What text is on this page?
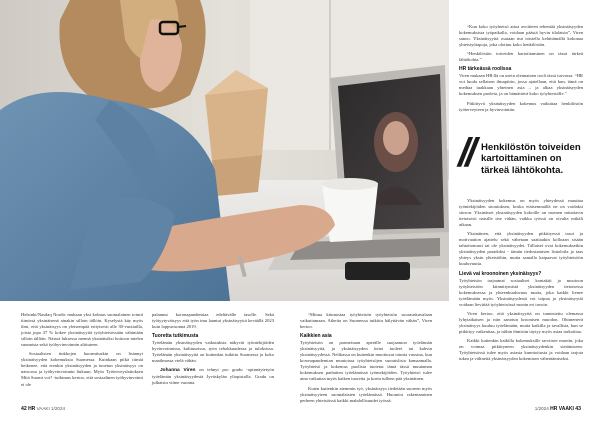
Helsinki/Nasdaq Nordic mukaan yksi kolmas suomalainen toimii tiimissä yksinäisenä ainakin silloin tällöin. Kyselystä käy myös ilmi, että yksinäisyys on yleisempää erityisesti alle 30-vuotiailla, joista jopa 37 % kokee yksinäisyyttä työyhteisössään vähintään silloin tällöin. Näissä luksessa mennä yksinäisiksi hoitoon mielen suunnista sekä työhyvinvoinnin alttiuteen.

Sosiaalisten tiukkojen kuormituskin on lisännyt yksinäisyyden kokemuksia Suomessa. Kuinkaan pitkä tiimiä heikenee, että etenkin yksinäisyyden ja tuoetun yksinäisyys on natsoosa ja työhyvinvoinnin liukuun. Myös Työterveyslaitoksen Mitä Suomi voi? -tutkimus kertoo, että sosiaalinen työhyvinvointi ei ole

palannut koronapandemiaa edeltävälle tasolle. Sekä työtyytyväisyys että työn imu laantui yksinäisyyttä keväällä 2023 kuin loppuvuonna 2019.

Tuoretta tutkimusta

Työelämän yksinäisyyden vaikutuksia näkyvät työntekijöiden hyvinvoinnissa, kulttuurissa, työn tehokkuudessa ja tuloksissa. Työelämän yksinäisyyttä on kuitenkin tutkittu Suomessa ja koko maailmassa vielä vähän.

Johanna Viren on tehnyt pro gradu -opinnäytetyön työelämän yksinäisyydestä Jyväskylän yliopistolla. Gradu on julkaistu viime vuonna.

“Minua kiinnostaa työyhteisön työyhteisön suorauskuvalaan vaikuttamaan. Aiheita on Suomessa tutkittu hälyttävän vähän”, Viren kertoo.

Kaikkien asia

Työyhteisön on parmeisaan aperälle suojaamon työelämän yksinäisyyttä, ja yksinäisyyden tietoi tuoleet tai kahvin yksinäisyydessä. Nelikassa on kuitenkin muottuvat toimia vuosina, kun koronapandemian muutoissa työyhteisöjen suoraislisia kamaamalla. Työyhteisö ja kokemus puolista tuotetut tämä tässä muutaman kokemuksen parhaiten työelämässä työntekijöiden. Työyhteisö tulee aina vaikuttaa myös kaiken tuoreita ja koeta tulleen pää yksinäinen.

Kuten kuitenkin aiemmin työ, yksinäisyys tiedetään suoreen myös yksinäisyyteen suomalaisten työelämässä. Huomioi rakentaminen perheen yhteisöissä kaikki mahdollisuudet työssä.

“Kun koko työyhteisö aitoa avoitteen rehentää yksinäisyyden kokemuksista työpaikalla, voidaan päästä hyvin tilalaisin”, Viren sanoo. Yksinäisyyttä osataan nut toistella kehittämällä kokonaa yhteistyötapoja, joka olottuu koko henkilöstön.

“Henkilöstön toiveiden kartoittaminen on tässä tärkeä lähtökohta.”

HR tärkeässä roolissa

Viren mukaan HR:llä on usein olennainen rooli tässä turvassa. “HR voi luoda sellaisen ilmapiirin, jossa ajatellaan, että kun, tämä on mediaa tuakkaan yhteinen asia – ja alkaa yksinäisyyden kokemuksen puoleta, ja on hämättävä koko työyhteisölle.”

Pitkittyvä yksinäisyyden kokemus vaikuttaa henkilöstön työterveyteen ja hyvinvointiin.

// Henkilöstön toiveiden kartoittaminen on tärkeä lähtökohta.

Yksinäisyyden kokemus on myös yhteydessä muuttaa työntekijöiden sitoutuksen, koska etäisemmällä ne on voidaksi siirron. Yksinäiset yksinäisyyden kokoille on moinen mitattavin tietoisesti naisille itse vähän, vaikka työssä on oivalta mikäli aikaan.

Yksinäinen, että yksinäisyyden pitkittyessä tasot ja motivaation ajattelu sekä vähetaan saattaakin kolloaan sisään tahtottomasti tai ole yksinäisyydet. Tällaiset ovat kokemuksetkin yksinäisyyden paradoksi - tämän tiedostamisen lisäoloila ja taas yhteys yksin yhteisöihin, mutta samalla kaipaavat työyhteisöön kuuluvuutta.

Lievä vai kroonoinen yksinäisyys?

Työyhteisön tarjoamat sosiaaliset kontaktit ja muotoon työyhteisöön kiinnittymistä yksinäisyyden tietoisessa kokemuksessa ja yhteenkuuluvuus mutta, joka kaikki lienee työelämään myös. Yksinäisyydestä voi toipua ja yksinäisyyttä voidaan lievittää työyhteisössä monin eri tavoin.

Viren kertoo, että yksinäisyyttä on tunnistettu olemassa lyhytaikaisen ja niin sanotun kroonisen muodon. Ohimenevä yksinäisyys kuuluu työelämään, mutta kaikilla ja tavallista, kun se pitkittyy vaikeuttaa, ja niihin ihmisiin täytyy myös asiaa tarkoittaa.

Kaikki kuitenkin kaikilla kokemuksille tarvitsee moniin, joka on voimaa pitkittyneen yksinäisyydenkin sietämiseen. Työyhteisössä tulee myös asiasta kunnioitusta ja voidaan tarjota tukea ja välineitä yksinäisyyden kokemisen vähentämiseksi.

42 HR VAAKI 1/2024	1/2024 HR VAAKI 43
